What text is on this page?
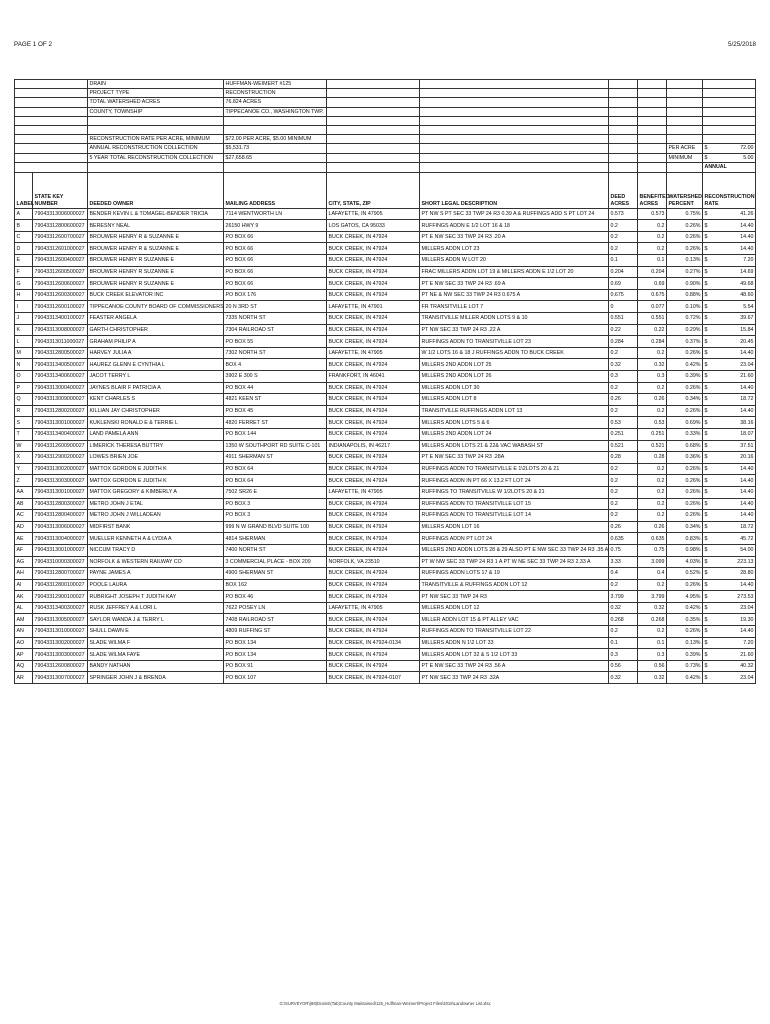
PAGE 1 OF 2	5/25/2018
		DRAIN	HUFFMAN-WEIMERT #125						
		PROJECT TYPE	RECONSTRUCTION						
		TOTAL WATERSHED ACRES	76.824 ACRES						
		COUNTY, TOWNSHIP	TIPPECANOE CO., WASHINGTON TWP.						

		RECONSTRUCTION RATE PER ACRE, MINIMUM	$72.00 PER ACRE, $5.00 MINIMUM						
		ANNUAL RECONSTRUCTION COLLECTION	$5,531.73					PER ACRE	$ 72.00
		5 YEAR TOTAL RECONSTRUCTION COLLECTION	$27,658.65					MINIMUM	$ 5.00
									ANNUAL
LABEL	STATE KEY NUMBER	DEEDED OWNER	MAILING ADDRESS	CITY, STATE, ZIP	SHORT LEGAL DESCRIPTION	DEED ACRES	BENEFITED ACRES	WATERSHED PERCENT	RECONSTRUCTION RATE
A	79043313006000027	BENDER KEVIN L & TOMAGEL-BENDER TRICIA	7114 WENTWORTH LN	LAFAYETTE, IN 47905	PT NW S PT SEC 33 TWP 24 R3 0.39 A & RUFFINGS ADD S PT LOT 24	0.573	0.573	0.75%	$ 41.26
B	79043312800600027	BERESNY NEAL	26150 HWY 9	LOS GATOS, CA 95033	RUFFINGS ADDN E 1/2 LOT 16 & 18	0.2	0.2	0.26%	$ 14.40
C	79043312600700027	BROUWER HENRY R & SUZANNE E	PO BOX 66	BUCK CREEK, IN 47924	PT E NW SEC 33 TWP 24 R3 .20 A	0.2	0.2	0.26%	$ 14.40
D	79043312601000027	BROUWER HENRY R & SUZANNE E	PO BOX 66	BUCK CREEK, IN 47924	MILLERS ADDN LOT 23	0.2	0.2	0.26%	$ 14.40
E	79043312600400027	BROUWER HENRY R SUZANNE E	PO BOX 66	BUCK CREEK, IN 47924	MILLERS ADDN W LOT 20	0.1	0.1	0.13%	$ 7.20
F	79043312600500027	BROUWER HENRY R SUZANNE E	PO BOX 66	BUCK CREEK, IN 47924	FRAC MILLERS ADDN LOT 19 & MILLERS ADDN E 1\2 LOT 20	0.204	0.204	0.27%	$ 14.69
G	79043312600600027	BROUWER HENRY R SUZANNE E	PO BOX 66	BUCK CREEK, IN 47924	PT E NW SEC 33 TWP 24 R3 .69 A	0.69	0.69	0.90%	$ 49.68
H	79043312600300027	BUCK CREEK ELEVATOR INC	PO BOX 176	BUCK CREEK, IN 47924	PT NE & NW SEC 33 TWP 24 R3 0.675 A	0.675	0.675	0.88%	$ 48.60
I	79043312600100027	TIPPECANOE COUNTY BOARD OF COMMISSIONERS	20 N 3RD ST	LAFAYETTE, IN 47901	FR TRANSITVILLE LOT 7	0	0.077	0.10%	$ 5.54
J	79043313400100027	FEASTER ANGELA	7335 NORTH ST	BUCK CREEK, IN 47924	TRANSITVILLE MILLER ADDN LOTS 9 & 10	0.551	0.551	0.72%	$ 39.67
K	79043313008000027	GARTH CHRISTOPHER	7304 RAILROAD ST	BUCK CREEK, IN 47924	PT NW SEC 33 TWP 24 R3 .22 A	0.22	0.22	0.29%	$ 15.84
L	79043313011000027	GRAHAM PHILIP A	PO BOX 55	BUCK CREEK, IN 47924	RUFFINGS ADDN TO TRANSITVILLE LOT 23	0.284	0.284	0.37%	$ 20.45
M	79043312800500027	HARVEY JULIA A	7302 NORTH ST	LAFAYETTE, IN 47905	W 1/2 LOTS 16 & 18 J RUFFINGS ADDN TO BUCK CREEK	0.2	0.2	0.26%	$ 14.40
N	79043313400500027	HAUREZ GLENN E CYNTHIA L	BOX 4	BUCK CREEK, IN 47924	MILLERS 2ND ADDN LOT 25	0.32	0.32	0.42%	$ 23.04
O	79043313400600027	JACOT TERRY L	3902 E 300 S	FRANKFORT, IN 46041	MILLERS 2ND ADDN LOT 26	0.3	0.3	0.39%	$ 21.60
P	79043313000400027	JAYNES BLAIR F PATRICIA A	PO BOX 44	BUCK CREEK, IN 47924	MILLERS ADDN LOT 30	0.2	0.2	0.26%	$ 14.40
Q	79043313009000027	KENT CHARLES S	4821 KEEN ST	BUCK CREEK, IN 47924	MILLERS ADDN LOT 8	0.26	0.26	0.34%	$ 18.72
R	79043312800200027	KILLIAN JAY CHRISTOPHER	PO BOX 45	BUCK CREEK, IN 47924	TRANSITVILLE RUFFINGS ADDN LOT 13	0.2	0.2	0.26%	$ 14.40
S	79043313001000027	KUKLENSKI RONALD E & TERRIE L	4820 FERRET ST	BUCK CREEK, IN 47924	MILLERS ADDN LOTS 5 & 6	0.53	0.53	0.69%	$ 38.16
T	79043313400400027	LAND PAMELA ANN	PO BOX 144	BUCK CREEK, IN 47924	MILLERS 2ND ADDN LOT 24	0.251	0.251	0.33%	$ 18.07
W	79043312600900027	LIMERICK THERESA BUTTRY	1350 W SOUTHPORT RD SUITE C-101	INDIANAPOLIS, IN 46217	MILLERS ADDN LOTS 21 & 22& VAC WABASH ST	0.521	0.521	0.68%	$ 37.51
X	79043312900200027	LOWES BRIEN JOE	4911 SHERMAN ST	BUCK CREEK, IN 47924	PT E NW SEC 33 TWP 24 R3 .28A	0.28	0.28	0.36%	$ 20.16
Y	79043313002000027	MATTOX GORDON E JUDITH K	PO BOX 64	BUCK CREEK, IN 47924	RUFFINGS ADDN TO TRANSITVILLE E 1\2LOTS 20 & 21	0.2	0.2	0.26%	$ 14.40
Z	79043313003000027	MATTOX GORDON E JUDITH K	PO BOX 64	BUCK CREEK, IN 47924	RUFFINGS ADDN IN PT 66 X 13.2 FT LOT 24	0.2	0.2	0.26%	$ 14.40
AA	79043313001000027	MATTOX GREGORY & KIMBERLY A	7502 SR26 E	LAFAYETTE, IN 47905	RUFFINGS TO TRANSITVILLE W 1/2LOTS 20 & 21	0.2	0.2	0.26%	$ 14.40
AB	79043312800300027	METRO JOHN J ETAL	PO BOX 3	BUCK CREEK, IN 47924	RUFFINGS ADDN TO TRANSITVILLE LOT 15	0.2	0.2	0.26%	$ 14.40
AC	79043312800400027	METRO JOHN J WILLADEAN	PO BOX 3	BUCK CREEK, IN 47924	RUFFINGS ADDN TO TRANSITVILLE LOT 14	0.2	0.2	0.26%	$ 14.40
AD	79043313006000027	MIDFIRST BANK	999 N W GRAND BLVD SUITE 100	BUCK CREEK, IN 47924	MILLERS ADDN LOT 16	0.26	0.26	0.34%	$ 18.72
AE	79043313004000027	MUELLER KENNETH A & LYDIA A	4814 SHERMAN	BUCK CREEK, IN 47924	RUFFINGS ADDN PT LOT 24	0.635	0.635	0.83%	$ 45.72
AF	79043313001000027	NICCUM TRACY D	7400 NORTH ST	BUCK CREEK, IN 47924	MILLERS 2ND ADDN LOTS 28 & 29 ALSO PT E NW SEC 33 TWP 24 R3 .35 A	0.75	0.75	0.98%	$ 54.00
AG	79043310000300027	NORFOLK & WESTERN RAILWAY CO	3 COMMERCIAL PLACE - BOX 209	NORFOLK, VA 23510	PT W NW SEC 33 TWP 24 R3 1 A PT W NE SEC 33 TWP 24 R3 2.33 A	3.33	3.099	4.03%	$ 223.13
AH	79043312800700027	PAYNE JAMES A	4900 SHERMAN ST	BUCK CREEK, IN 47924	RUFFINGS ADDN LOTS 17 & 19	0.4	0.4	0.52%	$ 28.80
AI	79043312800100027	POOLE LAURA	BOX 162	BUCK CREEK, IN 47924	TRANSITVILLE & RUFFINGS ADDN LOT 12	0.2	0.2	0.26%	$ 14.40
AK	79043312900100027	RUBRIGHT JOSEPH T JUDITH KAY	PO BOX 46	BUCK CREEK, IN 47924	PT NW SEC 33 TWP 24 R3	3.799	3.799	4.95%	$ 273.53
AL	79043313400300027	RUSK JEFFREY A & LORI L	7622 POSEY LN	LAFAYETTE, IN 47905	MILLERS ADDN LOT 12	0.32	0.32	0.42%	$ 23.04
AM	79043313005000027	SAYLOR WANDA J & TERRY L	7408 RAILROAD ST	BUCK CREEK, IN 47924	MILLER ADDN LOT 15 & PT ALLEY VAC	0.268	0.268	0.35%	$ 19.30
AN	79043313010000027	SHULL DAWN E	4809 RUFFING ST	BUCK CREEK, IN 47924	RUFFINGS ADDN TO TRANSITVILLE LOT 22	0.2	0.2	0.26%	$ 14.40
AO	79043313002000027	SLADE WILMA F	PO BOX 134	BUCK CREEK, IN 47924-0134	MILLERS ADDN N 1\2 LOT 33	0.1	0.1	0.13%	$ 7.20
AP	79043313003000027	SLADE WILMA FAYE	PO BOX 134	BUCK CREEK, IN 47924	MILLERS ADDN LOT 32 & S 1\2 LOT 33	0.3	0.3	0.39%	$ 21.60
AQ	79043312600800027	BANDY NATHAN	PO BOX 91	BUCK CREEK, IN 47924	PT E NW SEC 33 TWP 24 R3 .56 A	0.56	0.56	0.73%	$ 40.32
AR	79043313007000027	SPRINGER JOHN J & BRENDA	PO BOX 107	BUCK CREEK, IN 47924-0107	PT NW SEC 33 TWP 24 R3 .32A	0.32	0.32	0.42%	$ 23.04
G:\SURVEYOR\(88)Drains\(Tab)County Maintained\125_Huffman-Weimert\Project Files\2018\Landowner List.xlsx
